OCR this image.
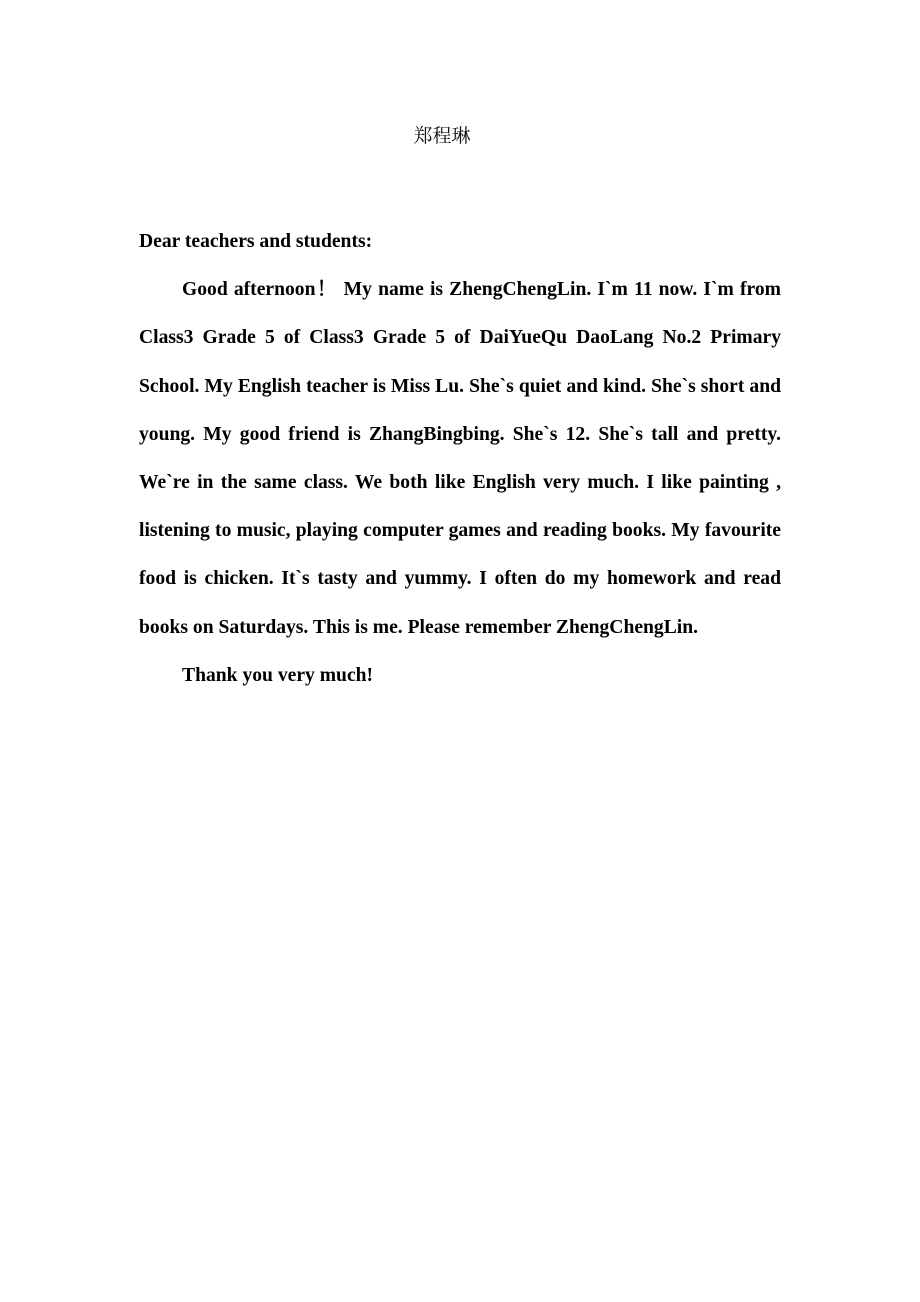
郑程琳

Dear teachers and students:

Good afternoon！ My name is ZhengChengLin. I`m 11 now. I`m from Class3 Grade 5 of Class3 Grade 5 of DaiYueQu DaoLang No.2 Primary School. My English teacher is Miss Lu. She`s quiet and kind. She`s short and young. My good friend is ZhangBingbing. She`s 12. She`s tall and pretty. We`re in the same class. We both like English very much. I like painting , listening to music, playing computer games and reading books. My favourite food is chicken. It`s tasty and yummy. I often do my homework and read books on Saturdays. This is me. Please remember ZhengChengLin.

Thank you very much!
